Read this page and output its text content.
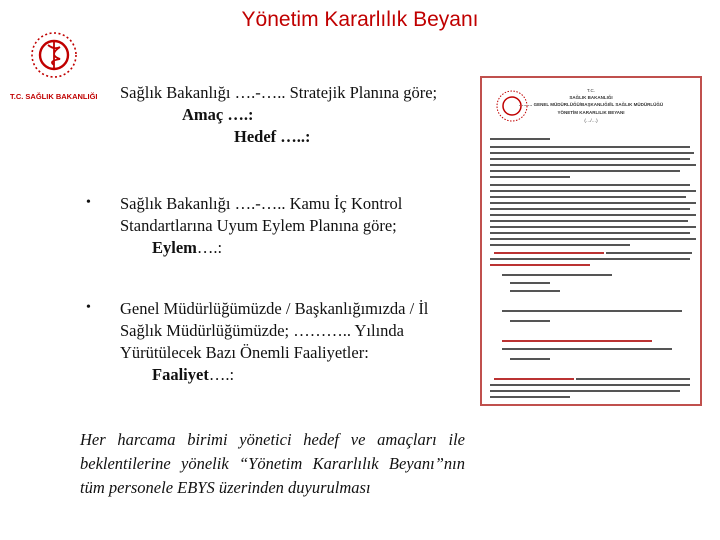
Yönetim Kararlılık Beyanı
T.C. SAĞLIK BAKANLIĞI	Sağlık Bakanlığı ….-….. Stratejik Planına göre;
Amaç ….:
Hedef …..:
• Sağlık Bakanlığı ….-….. Kamu İç Kontrol
Standartlarına Uyum Eylem Planına göre;
Eylem….:
• Genel Müdürlüğümüzde / Başkanlığımızda / İl
Sağlık Müdürlüğümüzde; ……….. Yılında
Yürütülecek Bazı Önemli Faaliyetler:
Faaliyet….:
Her harcama birimi yönetici hedef ve amaçları ile beklentilerine yönelik “Yönetim Kararlılık Beyanı”nın tüm personele EBYS üzerinden duyurulması
T.C.
SAĞLIK BAKANLIĞI
……… GENEL MÜDÜRLÜĞÜ/BAŞKANLIĞI/İL SAĞLIK MÜDÜRLÜĞÜ
YÖNETİM KARARLILIK BEYANI
(…/…)
